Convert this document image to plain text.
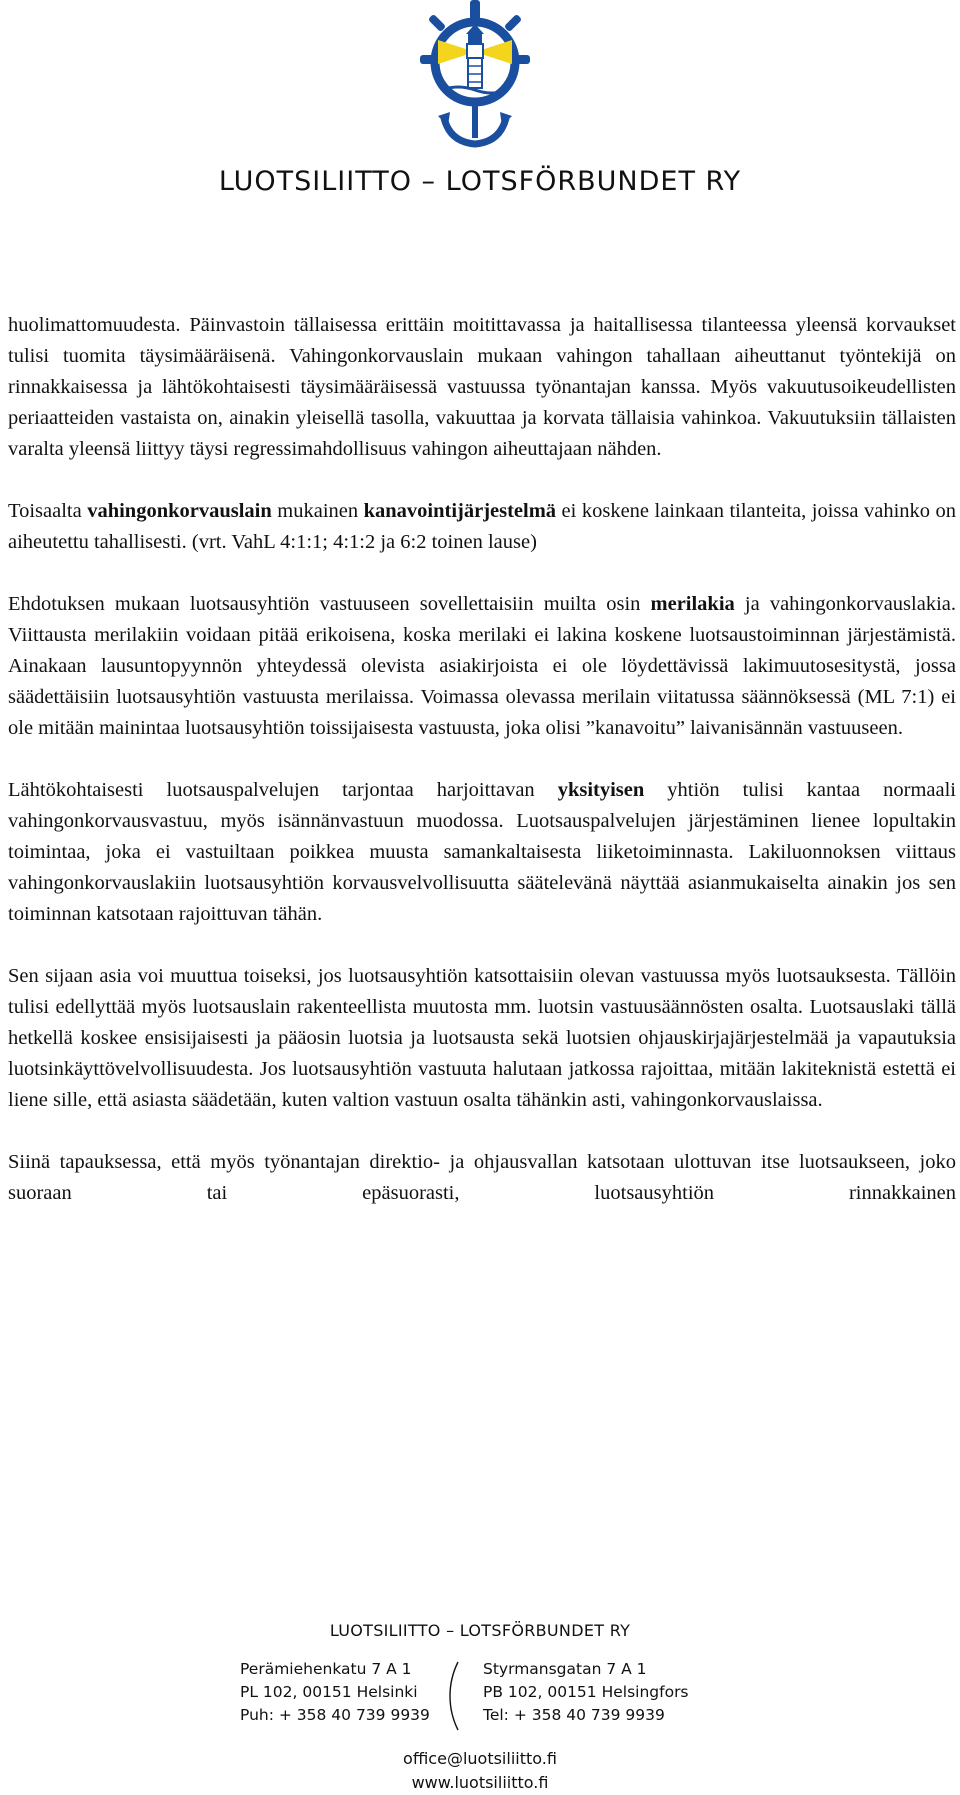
LUOTSILIITTO – LOTSFÖRBUNDET RY

huolimattomuudesta. Päinvastoin tällaisessa erittäin moitittavassa ja haitallisessa tilanteessa yleensä korvaukset tulisi tuomita täysimääräisenä. Vahingonkorvauslain mukaan vahingon tahallaan aiheuttanut työntekijä on rinnakkaisessa ja lähtökohtaisesti täysimääräisessä vastuussa työnantajan kanssa. Myös vakuutusoikeudellisten periaatteiden vastaista on, ainakin yleisellä tasolla, vakuuttaa ja korvata tällaisia vahinkoa. Vakuutuksiin tällaisten varalta yleensä liittyy täysi regressimahdollisuus vahingon aiheuttajaan nähden.

Toisaalta vahingonkorvauslain mukainen kanavointijärjestelmä ei koskene lainkaan tilanteita, joissa vahinko on aiheutettu tahallisesti. (vrt. VahL 4:1:1; 4:1:2 ja 6:2 toinen lause)

Ehdotuksen mukaan luotsausyhtiön vastuuseen sovellettaisiin muilta osin merilakia ja vahingonkorvauslakia. Viittausta merilakiin voidaan pitää erikoisena, koska merilaki ei lakina koskene luotsaustoiminnan järjestämistä. Ainakaan lausuntopyynnön yhteydessä olevista asiakirjoista ei ole löydettävissä lakimuutosesitystä, jossa säädettäisiin luotsausyhtiön vastuusta merilaissa. Voimassa olevassa merilain viitatussa säännöksessä (ML 7:1) ei ole mitään mainintaa luotsausyhtiön toissijaisesta vastuusta, joka olisi ”kanavoitu” laivanisännän vastuuseen.

Lähtökohtaisesti luotsauspalvelujen tarjontaa harjoittavan yksityisen yhtiön tulisi kantaa normaali vahingonkorvausvastuu, myös isännänvastuun muodossa. Luotsauspalvelujen järjestäminen lienee lopultakin toimintaa, joka ei vastuiltaan poikkea muusta samankaltaisesta liiketoiminnasta. Lakiluonnoksen viittaus vahingonkorvauslakiin luotsausyhtiön korvausvelvollisuutta säätelevänä näyttää asianmukaiselta ainakin jos sen toiminnan katsotaan rajoittuvan tähän.

Sen sijaan asia voi muuttua toiseksi, jos luotsausyhtiön katsottaisiin olevan vastuussa myös luotsauksesta. Tällöin tulisi edellyttää myös luotsauslain rakenteellista muutosta mm. luotsin vastuusäännösten osalta. Luotsauslaki tällä hetkellä koskee ensisijaisesti ja pääosin luotsia ja luotsausta sekä luotsien ohjauskirjajärjestelmää ja vapautuksia luotsinkäyttövelvollisuudesta. Jos luotsausyhtiön vastuuta halutaan jatkossa rajoittaa, mitään lakiteknistä estettä ei liene sille, että asiasta säädetään, kuten valtion vastuun osalta tähänkin asti, vahingonkorvauslaissa.

Siinä tapauksessa, että myös työnantajan direktio- ja ohjausvallan katsotaan ulottuvan itse luotsaukseen, joko suoraan tai epäsuorasti, luotsausyhtiön rinnakkainen

LUOTSILIITTO – LOTSFÖRBUNDET RY
Perämiehenkatu 7 A 1
PL 102, 00151 Helsinki
Puh: + 358 40 739 9939
Styrmansgatan 7 A 1
PB 102, 00151 Helsingfors
Tel: + 358 40 739 9939
office@luotsiliitto.fi
www.luotsiliitto.fi
